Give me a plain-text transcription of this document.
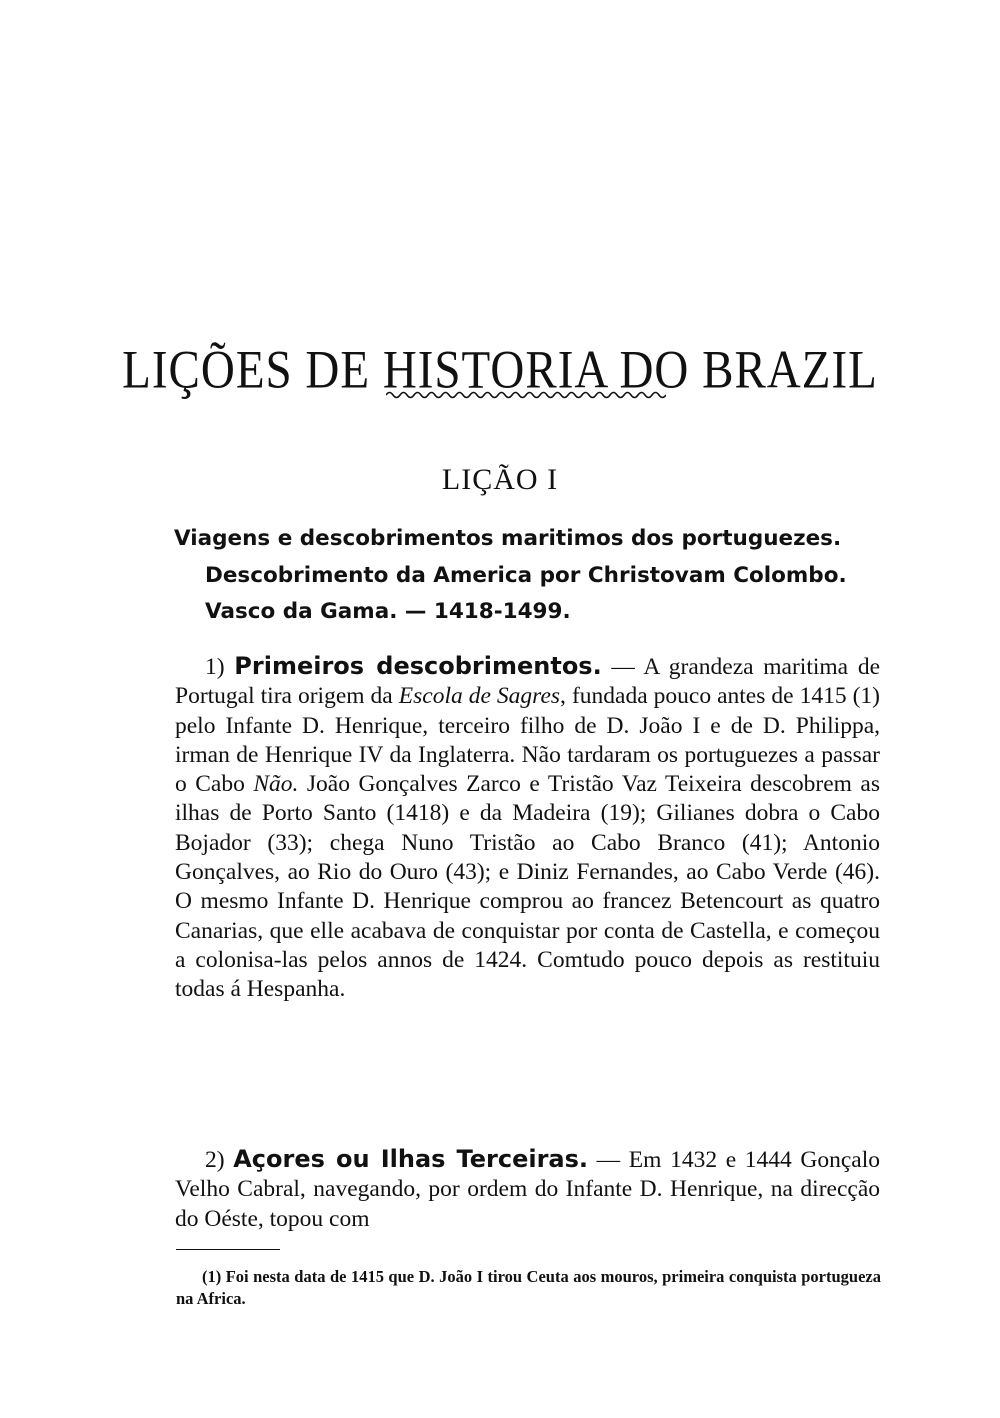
LIÇÕES DE HISTORIA DO BRAZIL
LIÇÃO I
Viagens e descobrimentos maritimos dos portuguezes.
Descobrimento da America por Christovam Colombo.
Vasco da Gama. — 1418-1499.

1) Primeiros descobrimentos. — A grandeza maritima de Portugal tira origem da Escola de Sagres, fundada pouco antes de 1415 (1) pelo Infante D. Henrique, terceiro filho de D. João I e de D. Philippa, irman de Henrique IV da Inglaterra. Não tardaram os portuguezes a passar o Cabo Não. João Gonçalves Zarco e Tristão Vaz Teixeira descobrem as ilhas de Porto Santo (1418) e da Madeira (19); Gilianes dobra o Cabo Bojador (33); chega Nuno Tristão ao Cabo Branco (41); Antonio Gonçalves, ao Rio do Ouro (43); e Diniz Fernandes, ao Cabo Verde (46). O mesmo Infante D. Henrique comprou ao francez Betencourt as quatro Canarias, que elle acabava de conquistar por conta de Castella, e começou a colonisa-las pelos annos de 1424. Comtudo pouco depois as restituiu todas á Hespanha.

2) Açores ou Ilhas Terceiras. — Em 1432 e 1444 Gonçalo Velho Cabral, navegando, por ordem do Infante D. Henrique, na direcção do Oéste, topou com

(1) Foi nesta data de 1415 que D. João I tirou Ceuta aos mouros, primeira conquista portugueza na Africa.
